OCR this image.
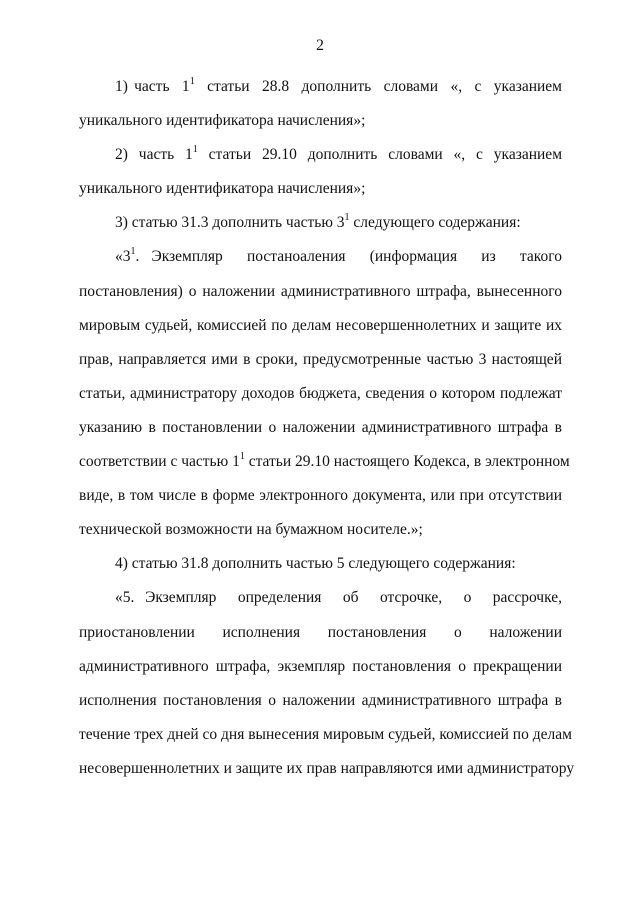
2
1) часть  $1^1$  статьи  28.8  дополнить  словами  «,  с  указанием
уникального идентификатора начисления»;
2)  часть  $1^1$  статьи  29.10  дополнить  словами  «,  с  указанием
уникального идентификатора начисления»;
3) статью 31.3 дополнить частью $3^1$ следующего содержания:
«$3^1$. Экземпляр  постаноаления  (информация  из  такого
постановления) о наложении административного штрафа, вынесенного
мировым судьей, комиссией по делам несовершеннолетних и защите их
прав, направляется ими в сроки, предусмотренные частью 3 настоящей
статьи, администратору доходов бюджета, сведения о котором подлежат
указанию в постановлении о наложении административного штрафа в
соответствии с частью $1^1$ статьи 29.10 настоящего Кодекса, в электронном
виде, в том числе в форме электронного документа, или при отсутствии
технической возможности на бумажном носителе.»;
4) статью 31.8 дополнить частью 5 следующего содержания:
«5. Экземпляр  определения  об  отсрочке,  о  рассрочке,
приостановлении  исполнения  постановления  о  наложении
административного штрафа, экземпляр постановления о прекращении
исполнения постановления о наложении административного штрафа в
течение трех дней со дня вынесения мировым судьей, комиссией по делам
несовершеннолетних и защите их прав направляются ими администратору
